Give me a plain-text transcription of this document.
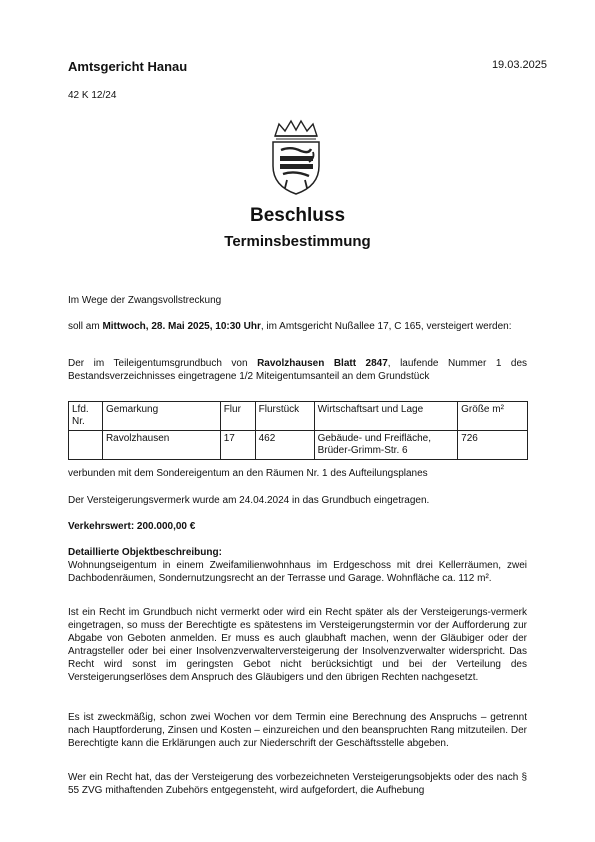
Amtsgericht Hanau	19.03.2025
42 K 12/24
Beschluss
Terminsbestimmung
Im Wege der Zwangsvollstreckung
soll am Mittwoch, 28. Mai 2025, 10:30 Uhr, im Amtsgericht Nußallee 17, C 165, versteigert werden:
Der im Teileigentumsgrundbuch von Ravolzhausen Blatt 2847, laufende Nummer 1 des Bestandsverzeichnisses eingetragene 1/2 Miteigentumsanteil an dem Grundstück
Lfd. Nr.	Gemarkung	Flur	Flurstück	Wirtschaftsart und Lage	Größe m²
	Ravolzhausen	17	462	Gebäude- und Freifläche, Brüder-Grimm-Str. 6	726
verbunden mit dem Sondereigentum an den Räumen Nr. 1 des Aufteilungsplanes
Der Versteigerungsvermerk wurde am 24.04.2024 in das Grundbuch eingetragen.
Verkehrswert: 200.000,00 €
Detaillierte Objektbeschreibung:
Wohnungseigentum in einem Zweifamilienwohnhaus im Erdgeschoss mit drei Kellerräumen, zwei Dachbodenräumen, Sondernutzungsrecht an der Terrasse und Garage. Wohnfläche ca. 112 m².
Ist ein Recht im Grundbuch nicht vermerkt oder wird ein Recht später als der Versteigerungs-vermerk eingetragen, so muss der Berechtigte es spätestens im Versteigerungstermin vor der Aufforderung zur Abgabe von Geboten anmelden. Er muss es auch glaubhaft machen, wenn der Gläubiger oder der Antragsteller oder bei einer Insolvenzverwalterversteigerung der Insolvenzverwalter widerspricht. Das Recht wird sonst im geringsten Gebot nicht berücksichtigt und bei der Verteilung des Versteigerungserlöses dem Anspruch des Gläubigers und den übrigen Rechten nachgesetzt.
Es ist zweckmäßig, schon zwei Wochen vor dem Termin eine Berechnung des Anspruchs – getrennt nach Hauptforderung, Zinsen und Kosten – einzureichen und den beanspruchten Rang mitzuteilen. Der Berechtigte kann die Erklärungen auch zur Niederschrift der Geschäftsstelle abgeben.
Wer ein Recht hat, das der Versteigerung des vorbezeichneten Versteigerungsobjekts oder des nach § 55 ZVG mithaftenden Zubehörs entgegensteht, wird aufgefordert, die Aufhebung
